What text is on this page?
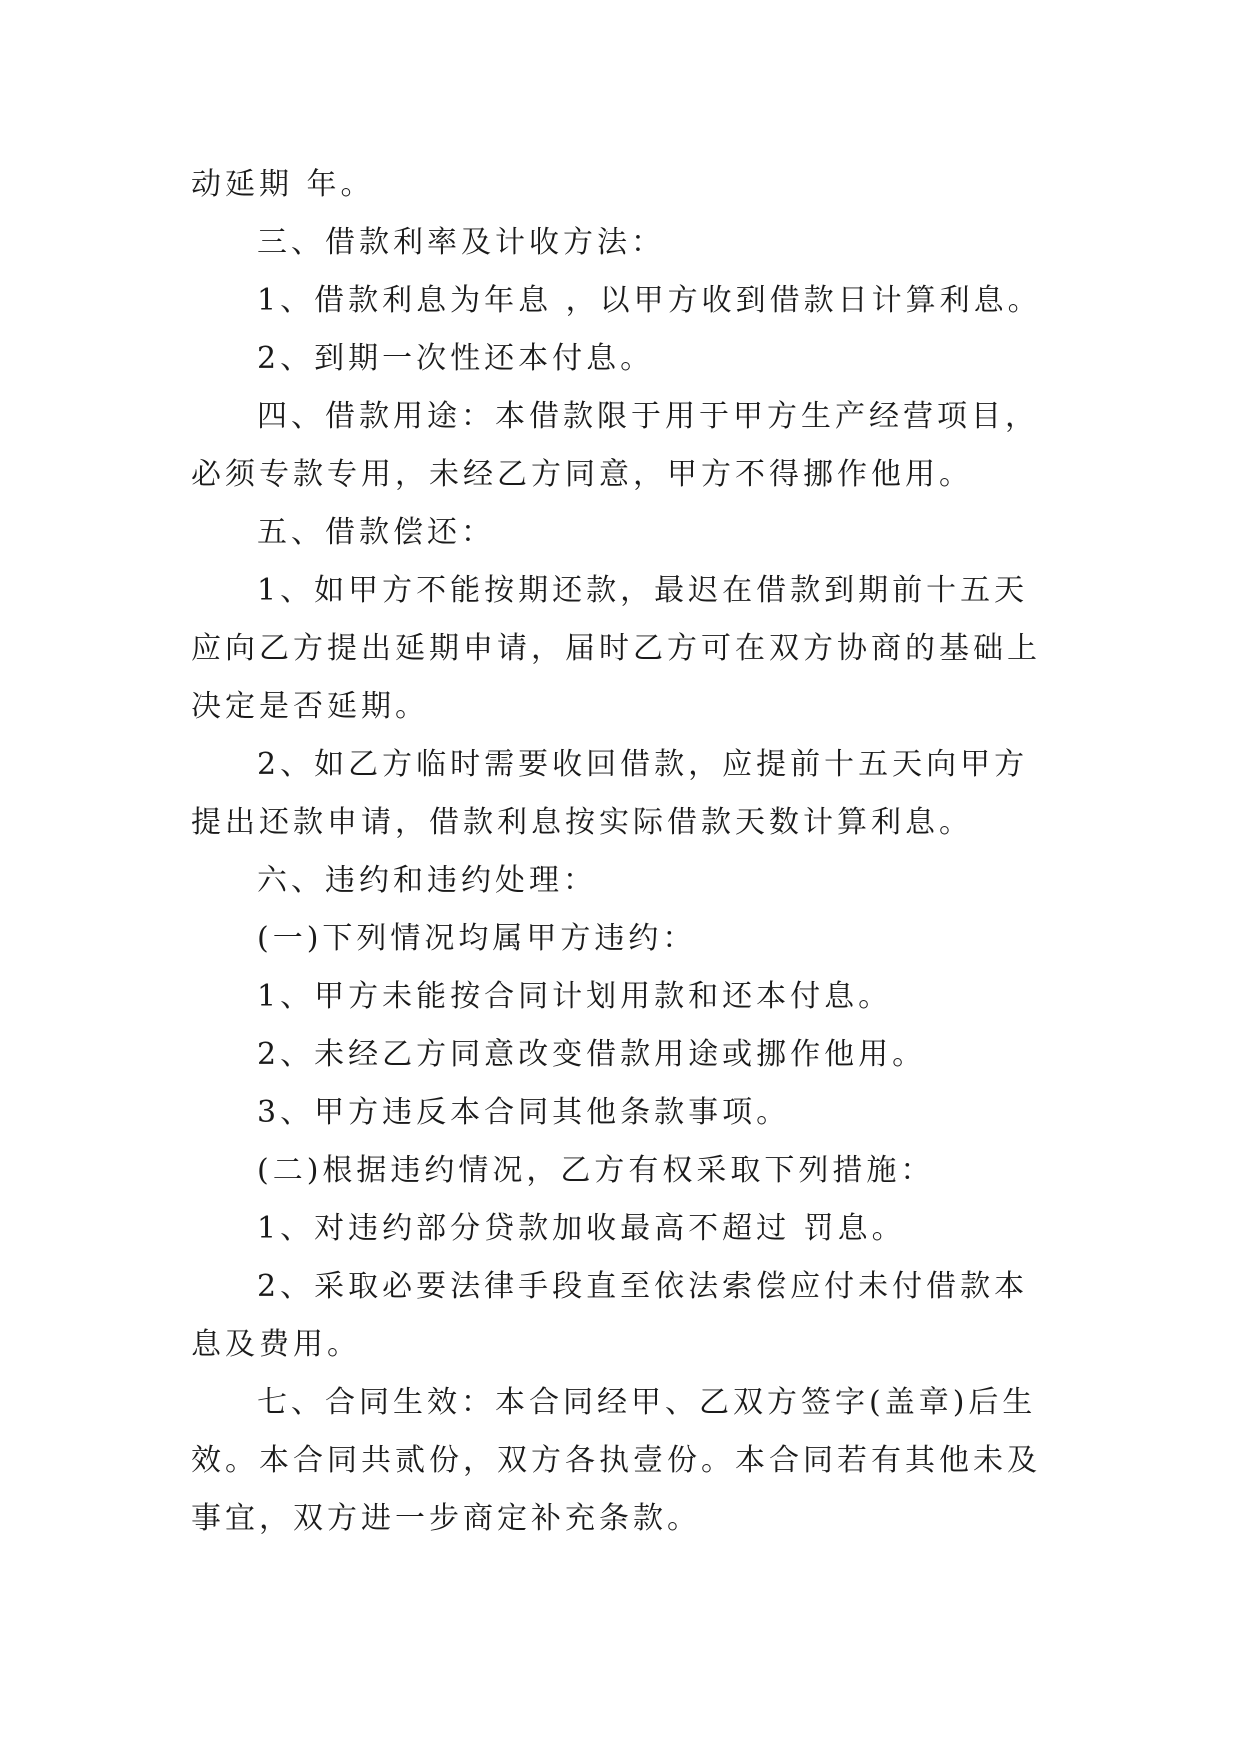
动延期 年。

三、借款利率及计收方法：

1、借款利息为年息 ，以甲方收到借款日计算利息。

2、到期一次性还本付息。

四、借款用途：本借款限于用于甲方生产经营项目，必须专款专用，未经乙方同意，甲方不得挪作他用。

五、借款偿还：

1、如甲方不能按期还款，最迟在借款到期前十五天应向乙方提出延期申请，届时乙方可在双方协商的基础上决定是否延期。

2、如乙方临时需要收回借款，应提前十五天向甲方提出还款申请，借款利息按实际借款天数计算利息。

六、违约和违约处理：

(一)下列情况均属甲方违约：

1、甲方未能按合同计划用款和还本付息。

2、未经乙方同意改变借款用途或挪作他用。

3、甲方违反本合同其他条款事项。

(二)根据违约情况，乙方有权采取下列措施：

1、对违约部分贷款加收最高不超过 罚息。

2、采取必要法律手段直至依法索偿应付未付借款本息及费用。

七、合同生效：本合同经甲、乙双方签字(盖章)后生效。本合同共贰份，双方各执壹份。本合同若有其他未及事宜，双方进一步商定补充条款。
